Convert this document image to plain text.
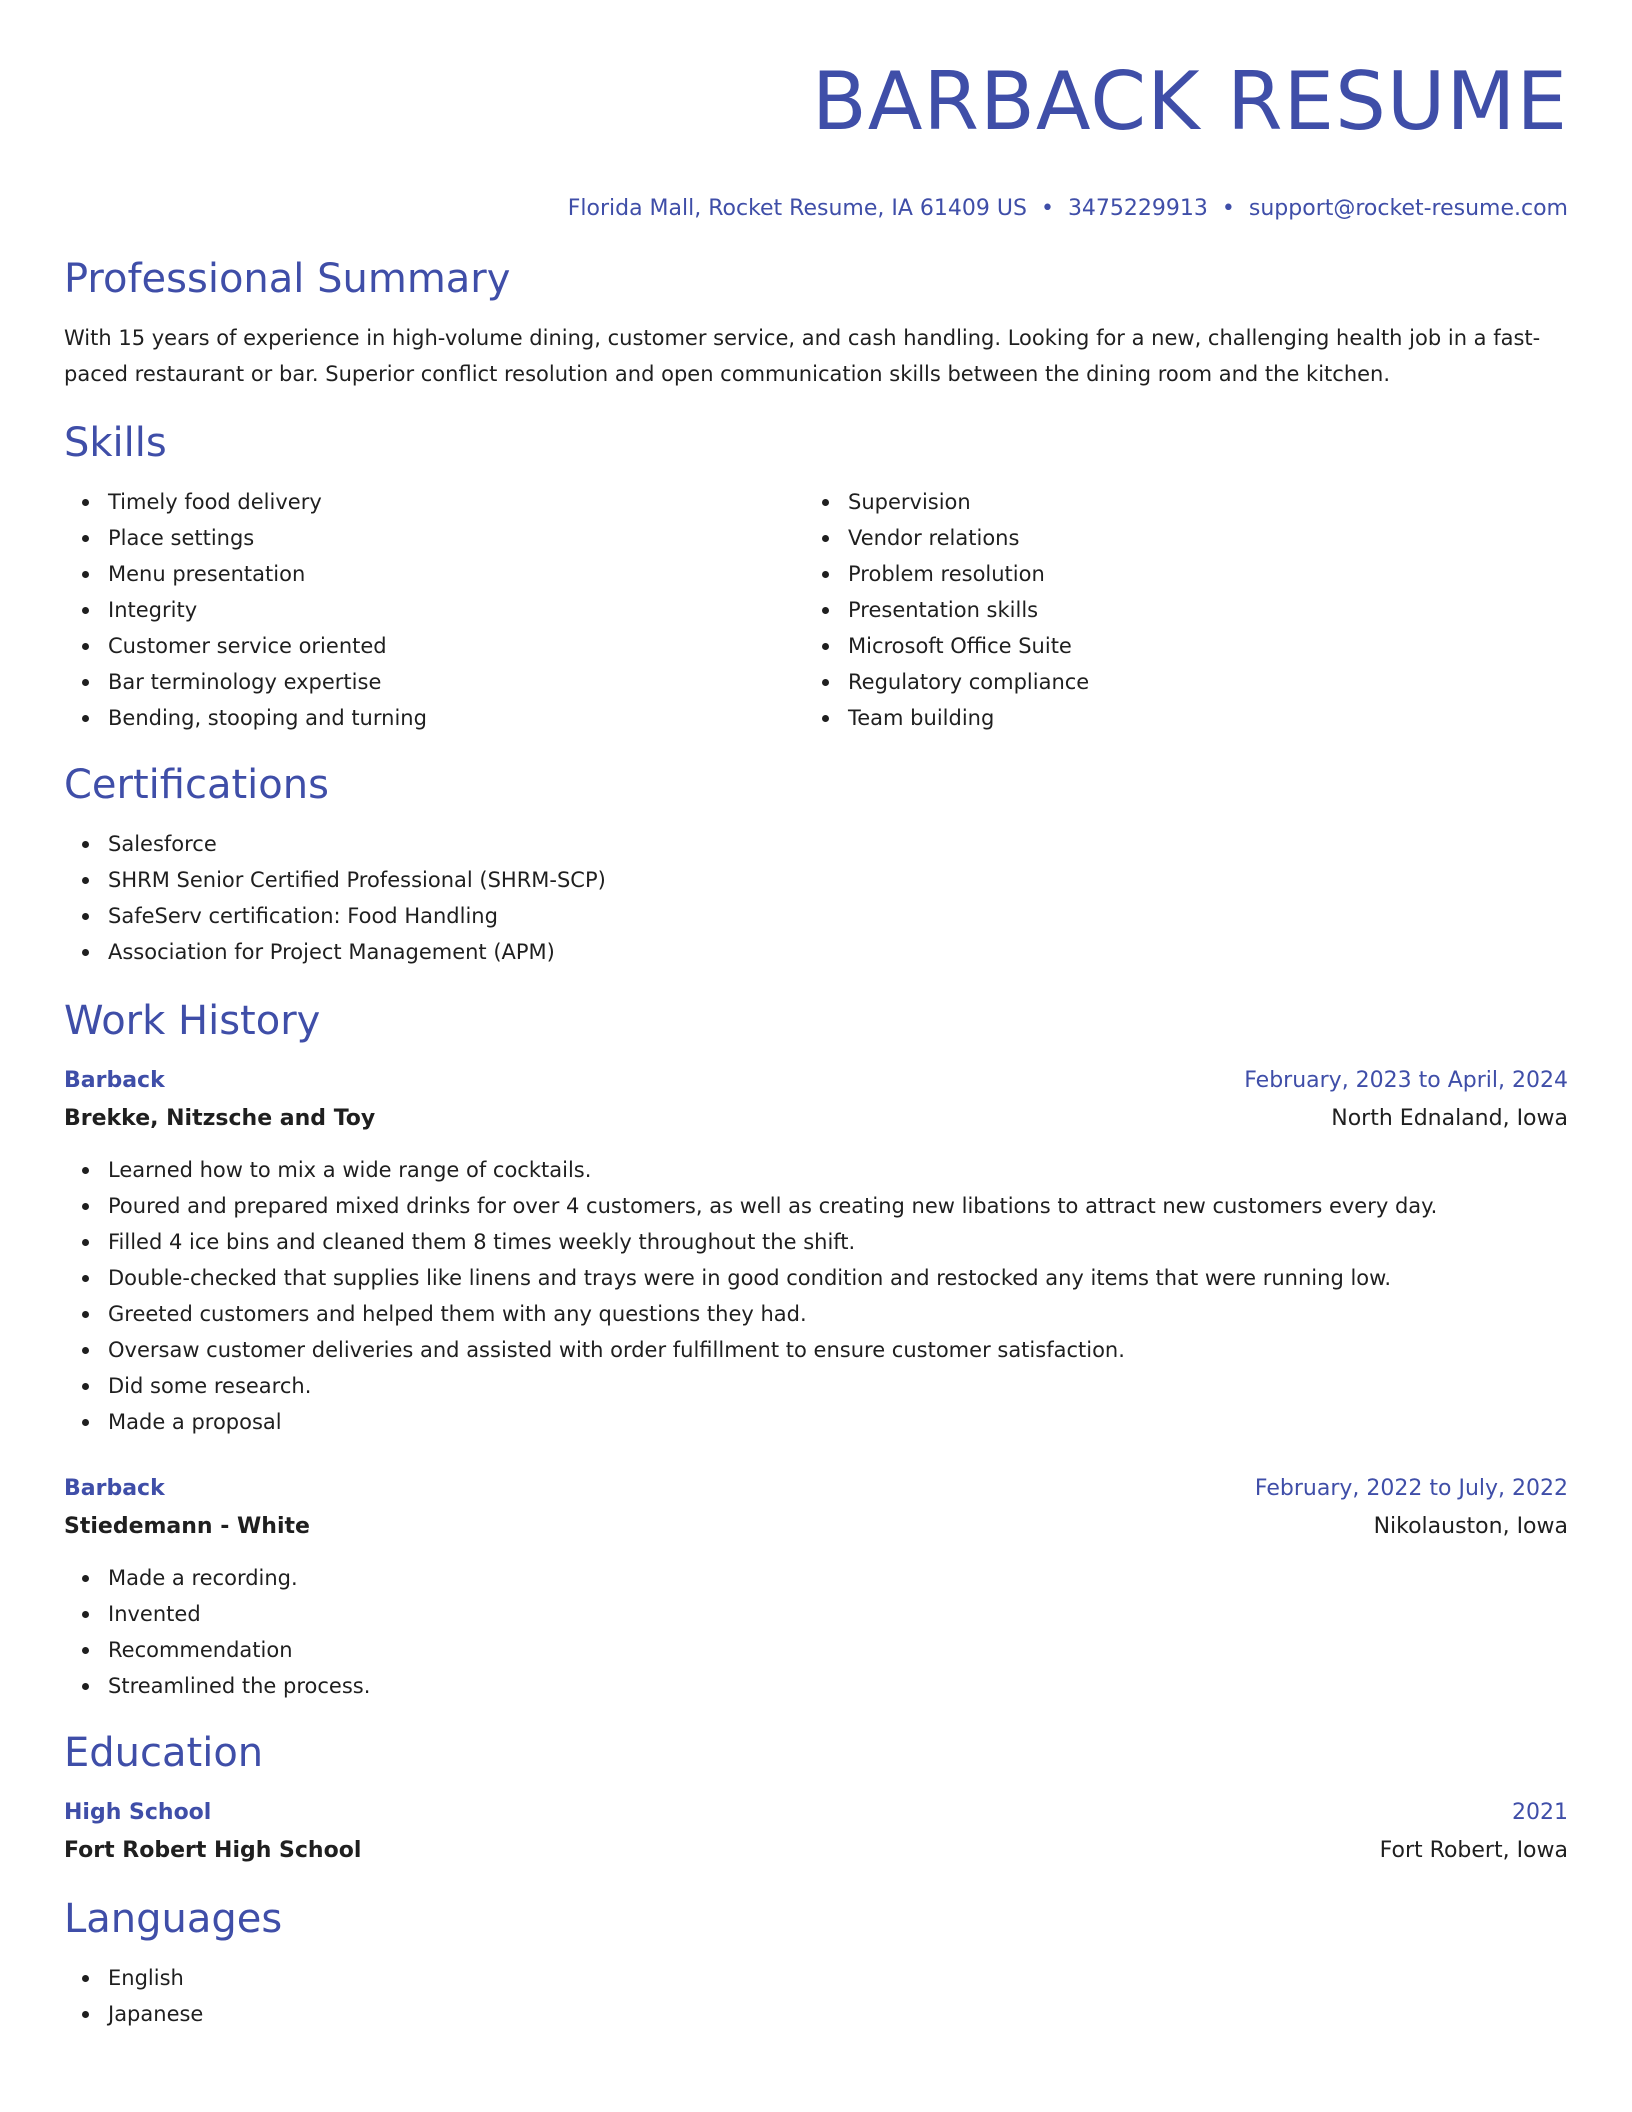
BARBACK RESUME
Florida Mall, Rocket Resume, IA 61409 US • 3475229913 • support@rocket-resume.com
Professional Summary

With 15 years of experience in high-volume dining, customer service, and cash handling. Looking for a new, challenging health job in a fast-paced restaurant or bar. Superior conflict resolution and open communication skills between the dining room and the kitchen.

Skills
Timely food delivery
Place settings
Menu presentation
Integrity
Customer service oriented
Bar terminology expertise
Bending, stooping and turning
Supervision
Vendor relations
Problem resolution
Presentation skills
Microsoft Office Suite
Regulatory compliance
Team building
Certifications
Salesforce
SHRM Senior Certified Professional (SHRM-SCP)
SafeServ certification: Food Handling
Association for Project Management (APM)
Work History
Barback	February, 2023 to April, 2024
Brekke, Nitzsche and Toy	North Ednaland, Iowa
Learned how to mix a wide range of cocktails.
Poured and prepared mixed drinks for over 4 customers, as well as creating new libations to attract new customers every day.
Filled 4 ice bins and cleaned them 8 times weekly throughout the shift.
Double-checked that supplies like linens and trays were in good condition and restocked any items that were running low.
Greeted customers and helped them with any questions they had.
Oversaw customer deliveries and assisted with order fulfillment to ensure customer satisfaction.
Did some research.
Made a proposal
Barback	February, 2022 to July, 2022
Stiedemann - White	Nikolauston, Iowa
Made a recording.
Invented
Recommendation
Streamlined the process.
Education
High School	2021
Fort Robert High School	Fort Robert, Iowa
Languages
English
Japanese
